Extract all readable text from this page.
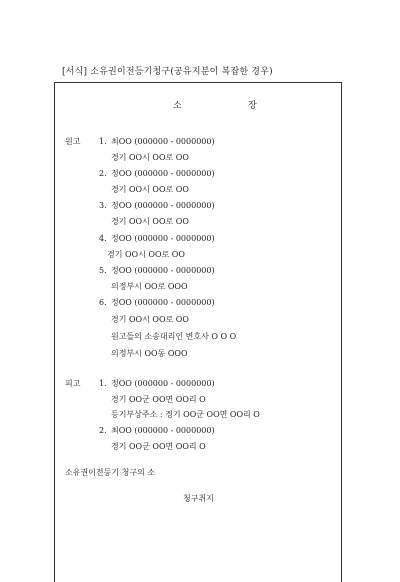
[서식] 소유권이전등기청구(공유지분이 복잡한 경우)
소	장
원고 1. 최OO (000000 - 0000000)
경기 OO시 OO로 OO
2. 정OO (000000 - 0000000)
경기 OO시 OO로 OO
3. 정OO (000000 - 0000000)
경기 OO시 OO로 OO
4. 정OO (000000 - 0000000)
경기 OO시 OO로 OO
5. 정OO (000000 - 0000000)
의정부시 OO로 OOO
6. 정OO (000000 - 0000000)
경기 OO시 OO로 OO
원고들의 소송대리인 변호사 O O O
의정부시 OO동 OOO
피고 1. 정OO (000000 - 0000000)
경기 OO군 OO면 OO리 O
등기부상주소 : 경기 OO군 OO면 OO리 O
2. 최OO (000000 - 0000000)
경기 OO군 OO면 OO리 O
소유권이전등기 청구의 소
청구취지
